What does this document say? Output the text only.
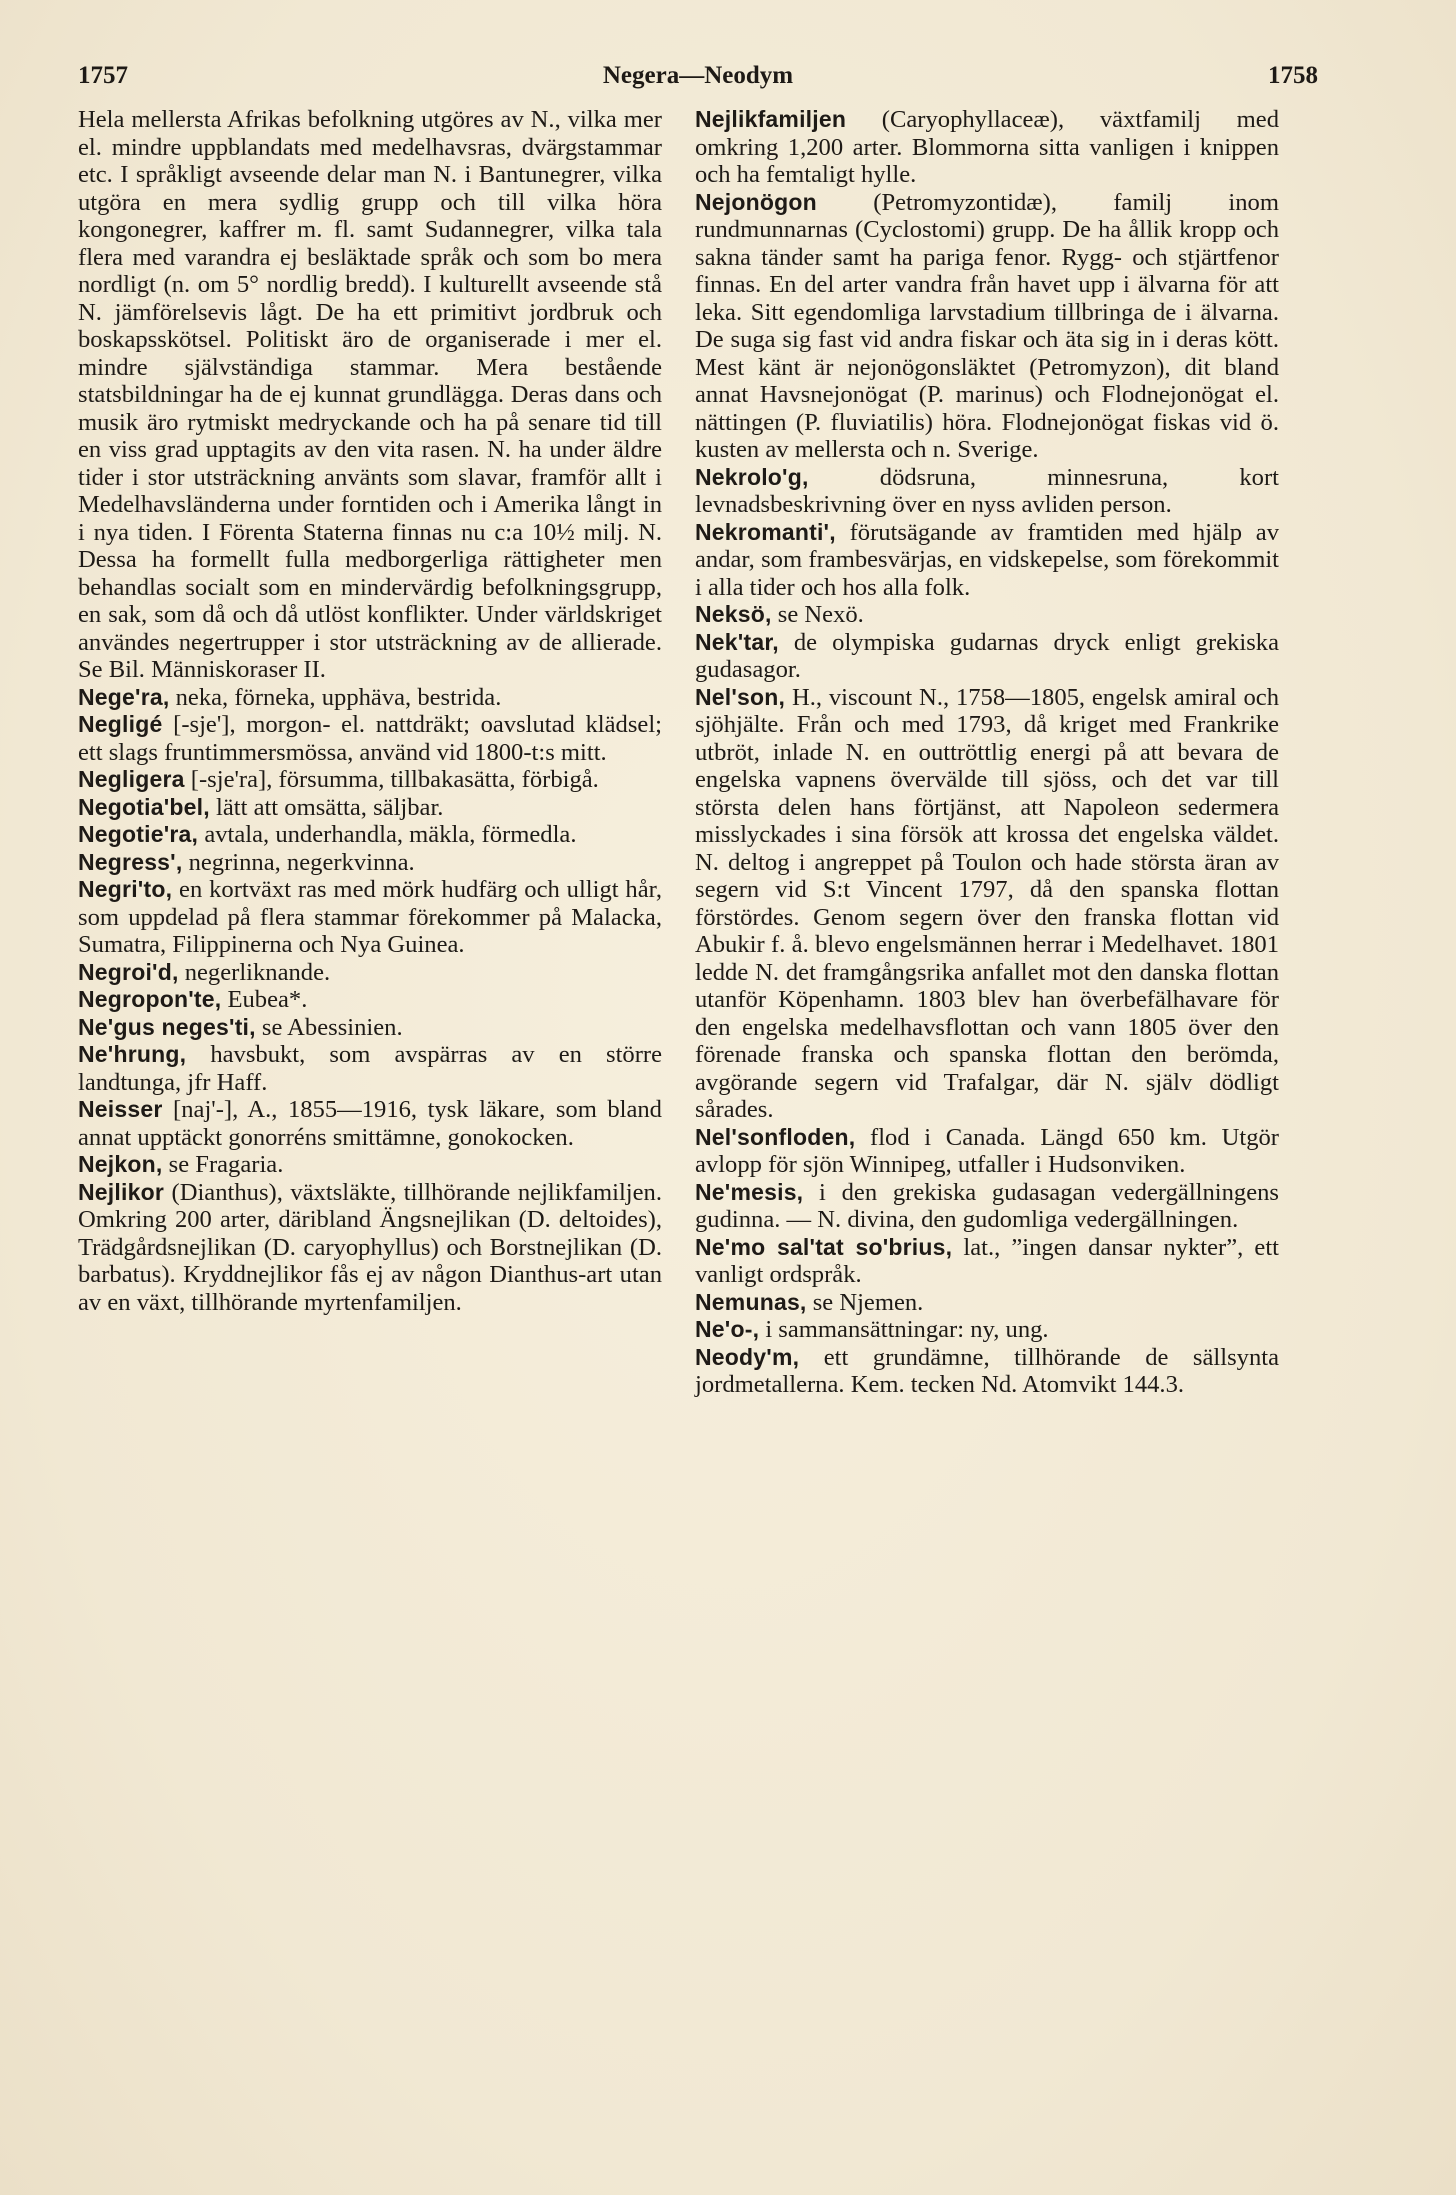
1757	Negera—Neodym	1758

Hela mellersta Afrikas befolkning utgöres av N., vilka mer el. mindre uppblandats med medelhavsras, dvärgstammar etc. I språkligt avseende delar man N. i Bantunegrer, vilka utgöra en mera sydlig grupp och till vilka höra kongonegrer, kaffrer m. fl. samt Sudannegrer, vilka tala flera med varandra ej besläktade språk och som bo mera nordligt (n. om 5° nordlig bredd). I kulturellt avseende stå N. jämförelsevis lågt. De ha ett primitivt jordbruk och boskapsskötsel. Politiskt äro de organiserade i mer el. mindre självständiga stammar. Mera bestående statsbildningar ha de ej kunnat grundlägga. Deras dans och musik äro rytmiskt medryckande och ha på senare tid till en viss grad upptagits av den vita rasen. N. ha under äldre tider i stor utsträckning använts som slavar, framför allt i Medelhavsländerna under forntiden och i Amerika långt in i nya tiden. I Förenta Staterna finnas nu c:a 10½ milj. N. Dessa ha formellt fulla medborgerliga rättigheter men behandlas socialt som en mindervärdig befolkningsgrupp, en sak, som då och då utlöst konflikter. Under världskriget användes negertrupper i stor utsträckning av de allierade. Se Bil. Människoraser II.

Nege'ra, neka, förneka, upphäva, bestrida.

Negligé [-sje'], morgon- el. nattdräkt; oavslutad klädsel; ett slags fruntimmersmössa, använd vid 1800-t:s mitt.

Negligera [-sje'ra], försumma, tillbakasätta, förbigå.

Negotia'bel, lätt att omsätta, säljbar.

Negotie'ra, avtala, underhandla, mäkla, förmedla.

Negress', negrinna, negerkvinna.

Negri'to, en kortväxt ras med mörk hudfärg och ulligt hår, som uppdelad på flera stammar förekommer på Malacka, Sumatra, Filippinerna och Nya Guinea.

Negroi'd, negerliknande.

Negropon'te, Eubea*.

Ne'gus neges'ti, se Abessinien.

Ne'hrung, havsbukt, som avspärras av en större landtunga, jfr Haff.

Neisser [naj'-], A., 1855—1916, tysk läkare, som bland annat upptäckt gonorréns smittämne, gonokocken.

Nejkon, se Fragaria.

Nejlikor (Dianthus), växtsläkte, tillhörande nejlikfamiljen. Omkring 200 arter, däribland Ängsnejlikan (D. deltoides), Trädgårdsnejlikan (D. caryophyllus) och Borstnejlikan (D. barbatus). Kryddnejlikor fås ej av någon Dianthus-art utan av en växt, tillhörande myrtenfamiljen.

Nejlikfamiljen (Caryophyllaceæ), växtfamilj med omkring 1,200 arter. Blommorna sitta vanligen i knippen och ha femtaligt hylle.

Nejonögon (Petromyzontidæ), familj inom rundmunnarnas (Cyclostomi) grupp. De ha ållik kropp och sakna tänder samt ha pariga fenor. Rygg- och stjärtfenor finnas. En del arter vandra från havet upp i älvarna för att leka. Sitt egendomliga larvstadium tillbringa de i älvarna. De suga sig fast vid andra fiskar och äta sig in i deras kött. Mest känt är nejonögonsläktet (Petromyzon), dit bland annat Havsnejonögat (P. marinus) och Flodnejonögat el. nättingen (P. fluviatilis) höra. Flodnejonögat fiskas vid ö. kusten av mellersta och n. Sverige.

Nekrolo'g,	dödsruna, minnesruna, kort levnadsbeskrivning över en nyss avliden person.

Nekromanti', förutsägande av framtiden med hjälp av andar, som frambesvärjas, en vidskepelse, som förekommit i alla tider och hos alla folk.

Neksö, se Nexö.

Nek'tar, de olympiska gudarnas dryck enligt grekiska gudasagor.

Nel'son, H., viscount N., 1758—1805, engelsk amiral och sjöhjälte. Från och med 1793, då kriget med Frankrike utbröt, inlade N. en outtröttlig energi på att bevara de engelska vapnens övervälde till sjöss, och det var till största delen hans förtjänst, att Napoleon sedermera misslyckades i sina försök att krossa det engelska väldet. N. deltog i angreppet på Toulon och hade största äran av segern vid S:t Vincent 1797, då den spanska flottan förstördes. Genom segern över den franska flottan vid Abukir f. å. blevo engelsmännen herrar i Medelhavet. 1801 ledde N. det framgångsrika anfallet mot den danska flottan utanför Köpenhamn. 1803 blev han överbefälhavare för den engelska medelhavsflottan och vann 1805 över den förenade franska och spanska flottan den berömda, avgörande segern vid Trafalgar, där N. själv dödligt sårades.

Nel'sonfloden, flod i Canada. Längd 650 km. Utgör avlopp för sjön Winnipeg, utfaller i Hudsonviken.

Ne'mesis, i den grekiska gudasagan vedergällningens gudinna. — N. divina, den gudomliga vedergällningen.

Ne'mo sal'tat so'brius, lat., ”ingen dansar nykter”, ett vanligt ordspråk.

Nemunas, se Njemen.

Ne'o-, i sammansättningar: ny, ung.

Neody'm, ett grundämne, tillhörande de sällsynta jordmetallerna. Kem. tecken Nd. Atomvikt 144.3.
